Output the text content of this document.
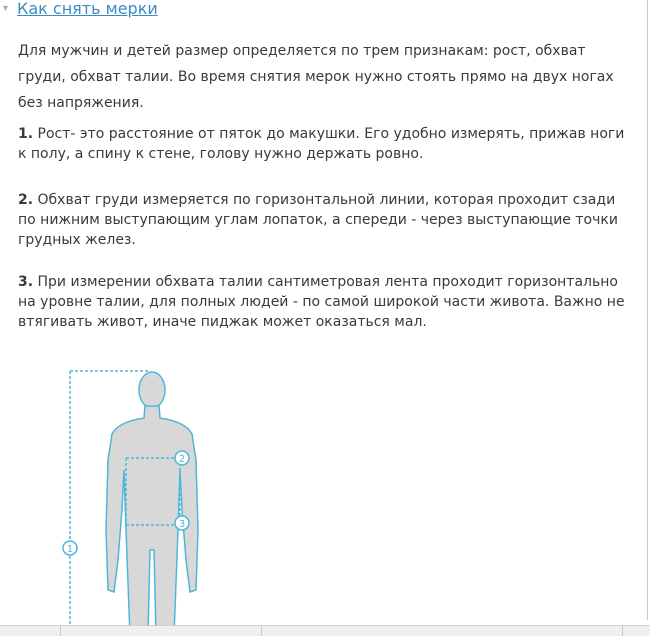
▾ Как снять мерки

Для мужчин и детей размер определяется по трем признакам: рост, обхват груди, обхват талии. Во время снятия мерок нужно стоять прямо на двух ногах без напряжения.

1. Рост- это расстояние от пяток до макушки. Его удобно измерять, прижав ноги к полу, а спину к стене, голову нужно держать ровно.

2. Обхват груди измеряется по горизонтальной линии, которая проходит сзади по нижним выступающим углам лопаток, а спереди - через выступающие точки грудных желез.

3. При измерении обхвата талии сантиметровая лента проходит горизонтально на уровне талии, для полных людей - по самой широкой части живота. Важно не втягивать живот, иначе пиджак может оказаться мал.

1
2
3
